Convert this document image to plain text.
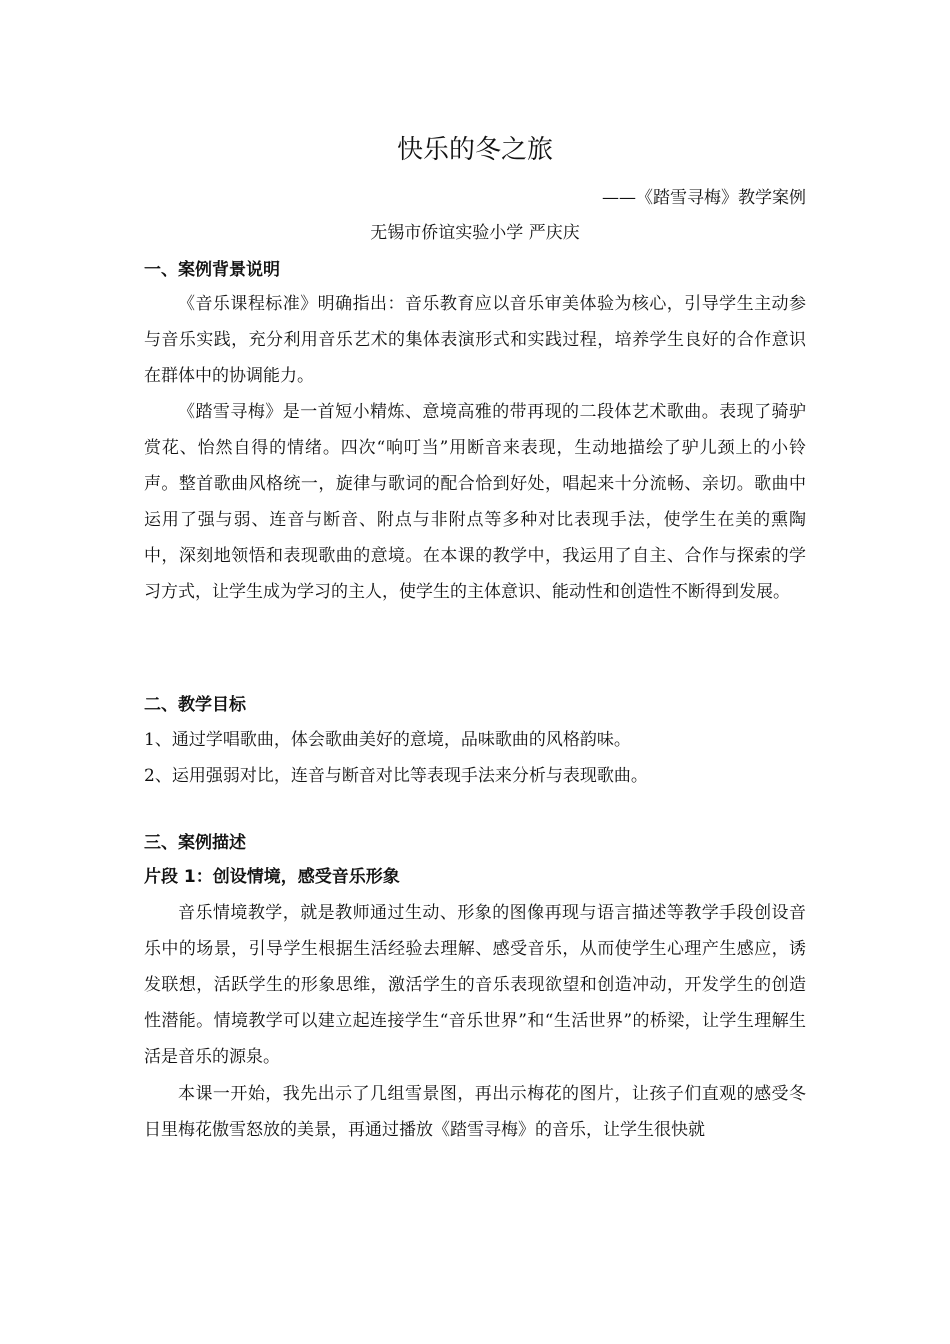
快乐的冬之旅

——《踏雪寻梅》教学案例

无锡市侨谊实验小学 严庆庆

一、案例背景说明

《音乐课程标准》明确指出：音乐教育应以音乐审美体验为核心，引导学生主动参与音乐实践，充分利用音乐艺术的集体表演形式和实践过程，培养学生良好的合作意识在群体中的协调能力。

《踏雪寻梅》是一首短小精炼、意境高雅的带再现的二段体艺术歌曲。表现了骑驴赏花、怡然自得的情绪。四次“响叮当”用断音来表现，生动地描绘了驴儿颈上的小铃声。整首歌曲风格统一，旋律与歌词的配合恰到好处，唱起来十分流畅、亲切。歌曲中运用了强与弱、连音与断音、附点与非附点等多种对比表现手法，使学生在美的熏陶中，深刻地领悟和表现歌曲的意境。在本课的教学中，我运用了自主、合作与探索的学习方式，让学生成为学习的主人，使学生的主体意识、能动性和创造性不断得到发展。

二、教学目标

1、通过学唱歌曲，体会歌曲美好的意境，品味歌曲的风格韵味。

2、运用强弱对比，连音与断音对比等表现手法来分析与表现歌曲。

三、案例描述
片段 1：创设情境，感受音乐形象

音乐情境教学，就是教师通过生动、形象的图像再现与语言描述等教学手段创设音乐中的场景，引导学生根据生活经验去理解、感受音乐，从而使学生心理产生感应，诱发联想，活跃学生的形象思维，激活学生的音乐表现欲望和创造冲动，开发学生的创造性潜能。情境教学可以建立起连接学生“音乐世界”和“生活世界”的桥梁，让学生理解生活是音乐的源泉。

本课一开始，我先出示了几组雪景图，再出示梅花的图片，让孩子们直观的感受冬日里梅花傲雪怒放的美景，再通过播放《踏雪寻梅》的音乐，让学生很快就
